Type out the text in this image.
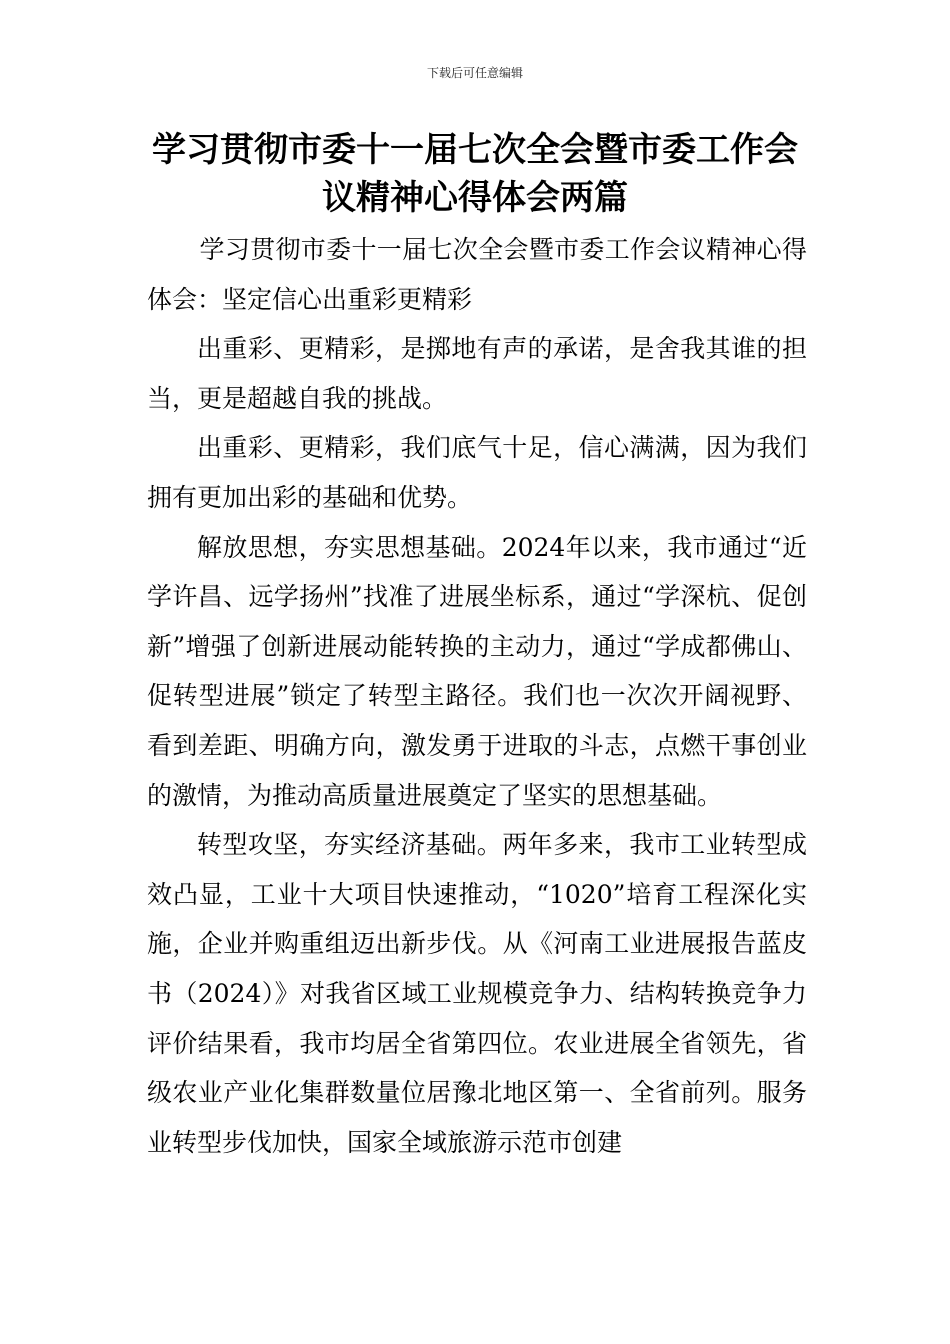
下载后可任意编辑
学习贯彻市委十一届七次全会暨市委工作会议精神心得体会两篇

学习贯彻市委十一届七次全会暨市委工作会议精神心得体会：坚定信心出重彩更精彩

出重彩、更精彩，是掷地有声的承诺，是舍我其谁的担当，更是超越自我的挑战。

出重彩、更精彩，我们底气十足，信心满满，因为我们拥有更加出彩的基础和优势。

解放思想，夯实思想基础。2024年以来，我市通过“近学许昌、远学扬州”找准了进展坐标系，通过“学深杭、促创新”增强了创新进展动能转换的主动力，通过“学成都佛山、促转型进展”锁定了转型主路径。我们也一次次开阔视野、看到差距、明确方向，激发勇于进取的斗志，点燃干事创业的激情，为推动高质量进展奠定了坚实的思想基础。

转型攻坚，夯实经济基础。两年多来，我市工业转型成效凸显，工业十大项目快速推动，“1020”培育工程深化实施，企业并购重组迈出新步伐。从《河南工业进展报告蓝皮书（2024）》对我省区域工业规模竞争力、结构转换竞争力评价结果看，我市均居全省第四位。农业进展全省领先，省级农业产业化集群数量位居豫北地区第一、全省前列。服务业转型步伐加快，国家全域旅游示范市创建
